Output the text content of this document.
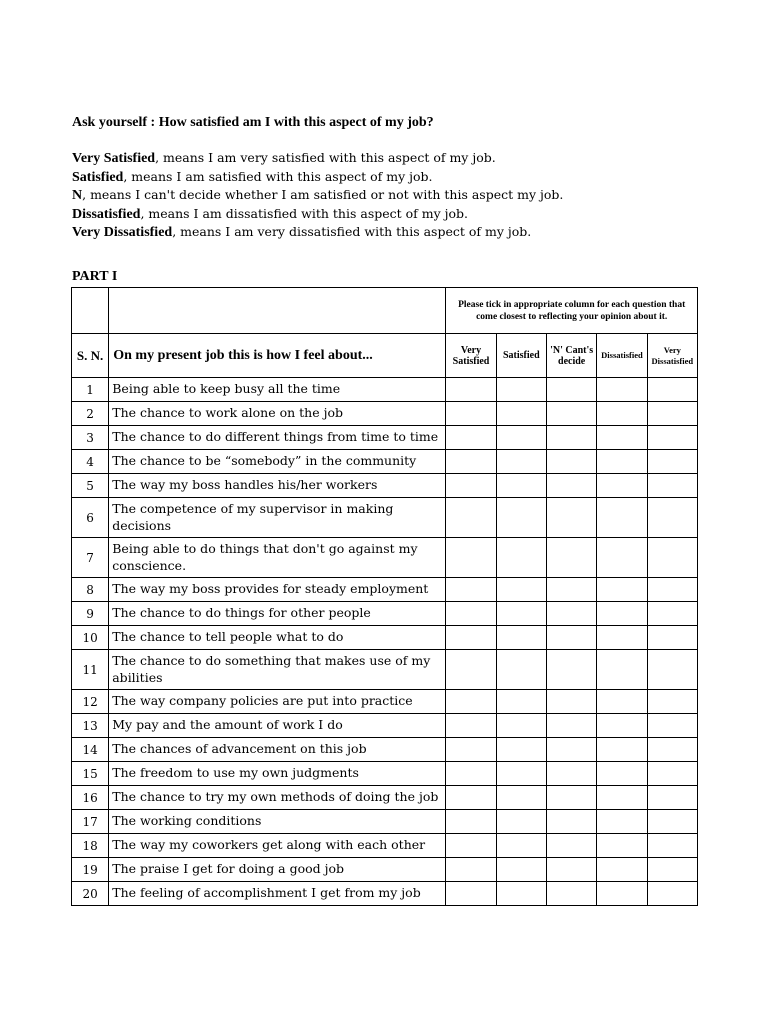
Ask yourself : How satisfied am I with this aspect of my job?
Very Satisfied, means I am very satisfied with this aspect of my job.
Satisfied, means I am satisfied with this aspect of my job.
N, means I can't decide whether I am satisfied or not with this aspect my job.
Dissatisfied, means I am dissatisfied with this aspect of my job.
Very Dissatisfied, means I am very dissatisfied with this aspect of my job.
PART I
		Please tick in appropriate column for each question that come closest to reflecting your opinion about it.				
S. N.	On my present job this is how I feel about...	Very Satisfied	Satisfied	'N' Cant's decide	Dissatisfied	Very Dissatisfied
1	Being able to keep busy all the time					
2	The chance to work alone on the job					
3	The chance to do different things from time to time					
4	The chance to be “somebody” in the community					
5	The way my boss handles his/her workers					
6	The competence of my supervisor in making decisions					
7	Being able to do things that don't go against my conscience.					
8	The way my boss provides for steady employment					
9	The chance to do things for other people					
10	The chance to tell people what to do					
11	The chance to do something that makes use of my abilities					
12	The way company policies are put into practice					
13	My pay and the amount of work I do					
14	The chances of advancement on this job					
15	The freedom to use my own judgments					
16	The chance to try my own methods of doing the job					
17	The working conditions					
18	The way my coworkers get along with each other					
19	The praise I get for doing a good job					
20	The feeling of accomplishment I get from my job					
